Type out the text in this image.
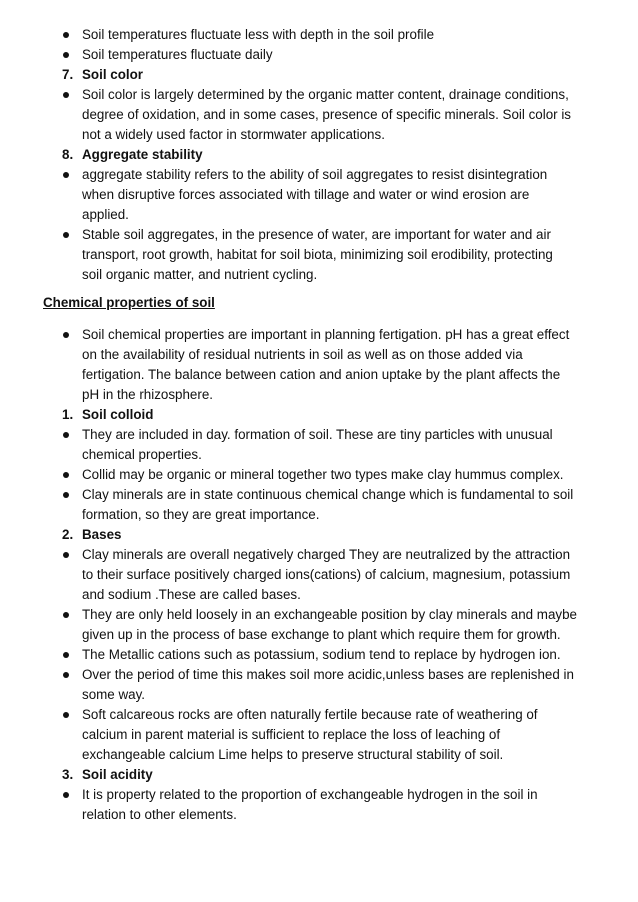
Soil temperatures fluctuate less with depth in the soil profile
Soil temperatures fluctuate daily
7. Soil color
Soil color is largely determined by the organic matter content, drainage conditions,
degree of oxidation, and in some cases, presence of specific minerals. Soil color is
not a widely used factor in stormwater applications.
8. Aggregate stability
aggregate stability refers to the ability of soil aggregates to resist disintegration
when disruptive forces associated with tillage and water or wind erosion are
applied.
Stable soil aggregates, in the presence of water, are important for water and air
transport, root growth, habitat for soil biota, minimizing soil erodibility, protecting
soil organic matter, and nutrient cycling.
Chemical properties of soil
Soil chemical properties are important in planning fertigation. pH has a great effect
on the availability of residual nutrients in soil as well as on those added via
fertigation. The balance between cation and anion uptake by the plant affects the
pH in the rhizosphere.
1. Soil colloid
They are included in day. formation of soil. These are tiny particles with unusual
chemical properties.
Collid may be organic or mineral together two types make clay hummus complex.
Clay minerals are in state continuous chemical change which is fundamental to soil
formation, so they are great importance.
2. Bases
Clay minerals are overall negatively charged They are neutralized by the attraction
to their surface positively charged ions(cations) of calcium, magnesium, potassium
and sodium .These are called bases.
They are only held loosely in an exchangeable position by clay minerals and maybe
given up in the process of base exchange to plant which require them for growth.
The Metallic cations such as potassium, sodium tend to replace by hydrogen ion.
Over the period of time this makes soil more acidic,unless bases are replenished in
some way.
Soft calcareous rocks are often naturally fertile because rate of weathering of
calcium in parent material is sufficient to replace the loss of leaching of
exchangeable calcium Lime helps to preserve structural stability of soil.
3. Soil acidity
It is property related to the proportion of exchangeable hydrogen in the soil in
relation to other elements.
